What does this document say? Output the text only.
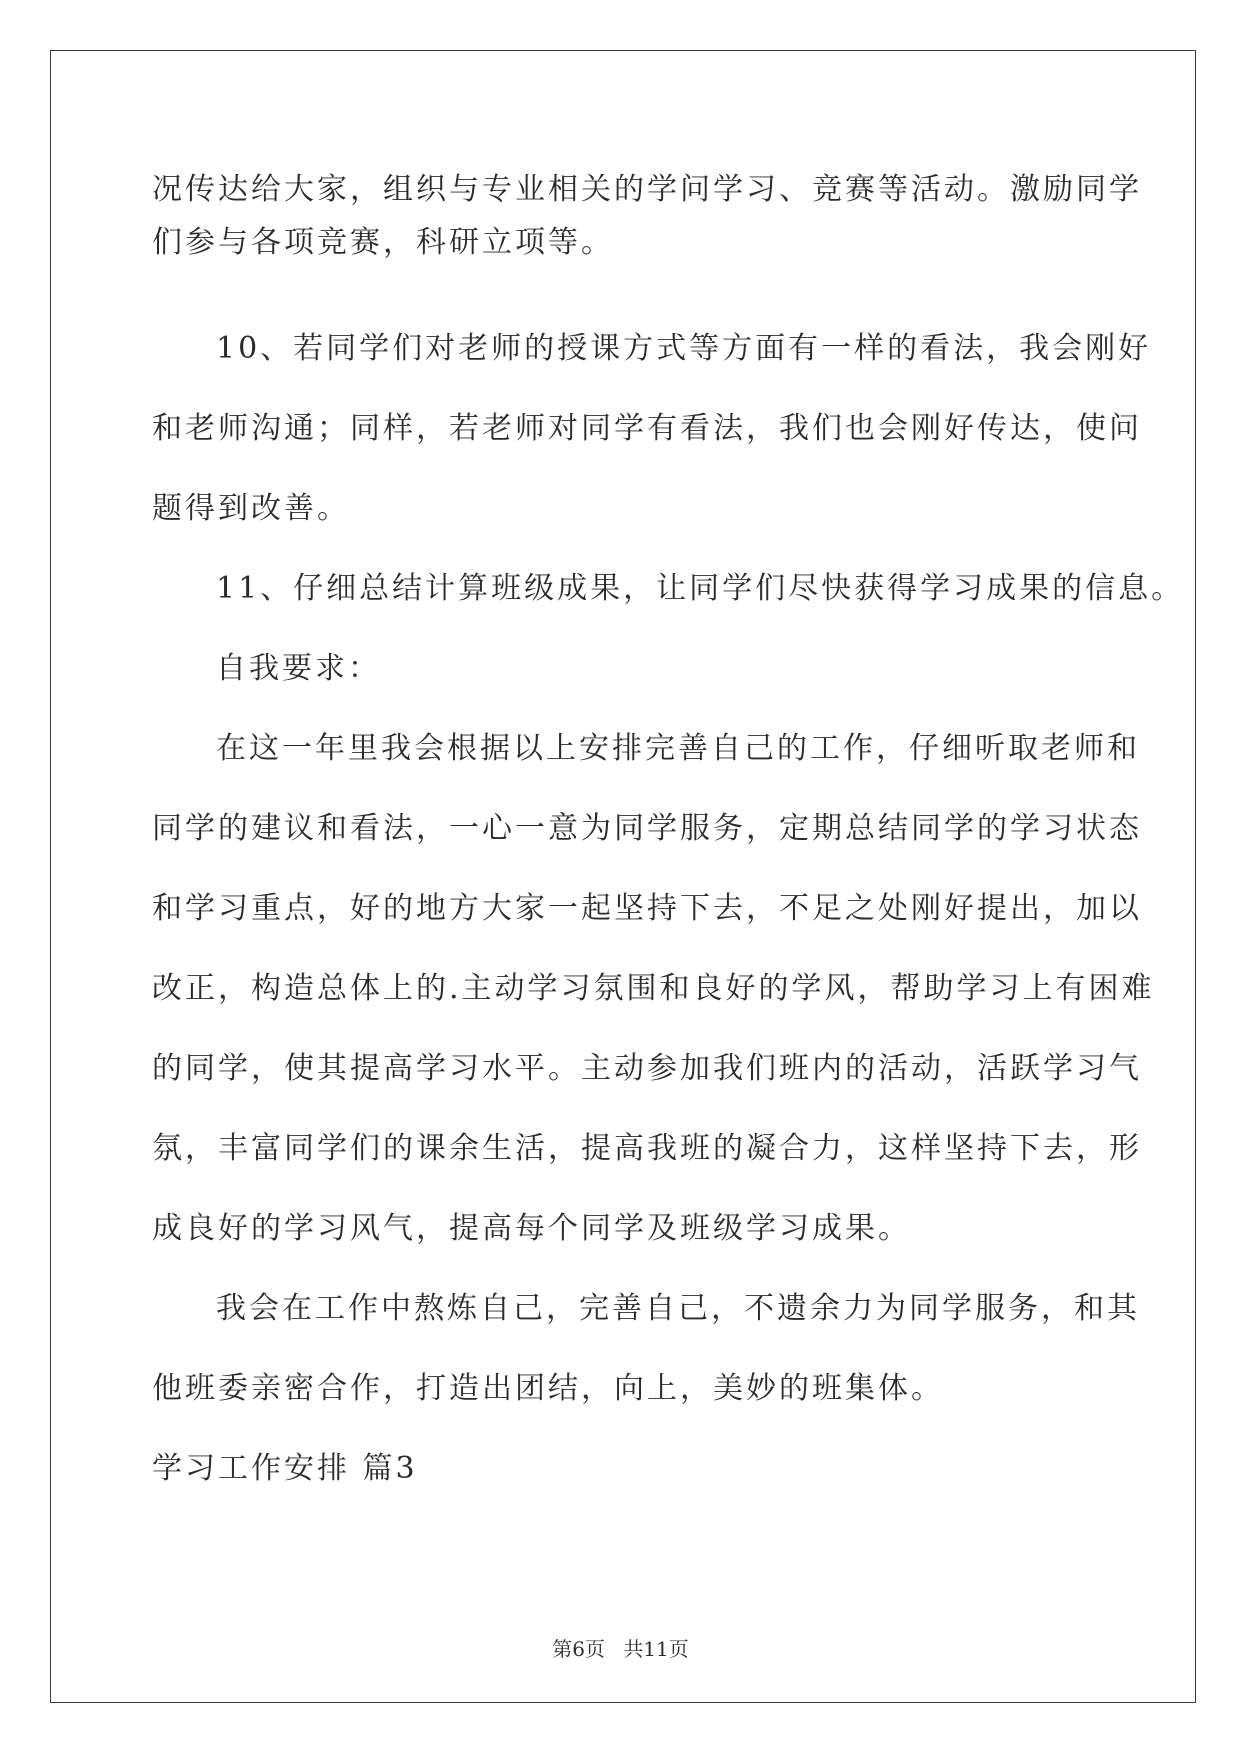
况传达给大家，组织与专业相关的学问学习、竞赛等活动。激励同学
们参与各项竞赛，科研立项等。
10、若同学们对老师的授课方式等方面有一样的看法，我会刚好
和老师沟通；同样，若老师对同学有看法，我们也会刚好传达，使问
题得到改善。
11、仔细总结计算班级成果，让同学们尽快获得学习成果的信息。
自我要求：
在这一年里我会根据以上安排完善自己的工作，仔细听取老师和
同学的建议和看法，一心一意为同学服务，定期总结同学的学习状态
和学习重点，好的地方大家一起坚持下去，不足之处刚好提出，加以
改正，构造总体上的.主动学习氛围和良好的学风，帮助学习上有困难
的同学，使其提高学习水平。主动参加我们班内的活动，活跃学习气
氛，丰富同学们的课余生活，提高我班的凝合力，这样坚持下去，形
成良好的学习风气，提高每个同学及班级学习成果。
我会在工作中熬炼自己，完善自己，不遗余力为同学服务，和其
他班委亲密合作，打造出团结，向上，美妙的班集体。
学习工作安排 篇3
第6页 共11页
